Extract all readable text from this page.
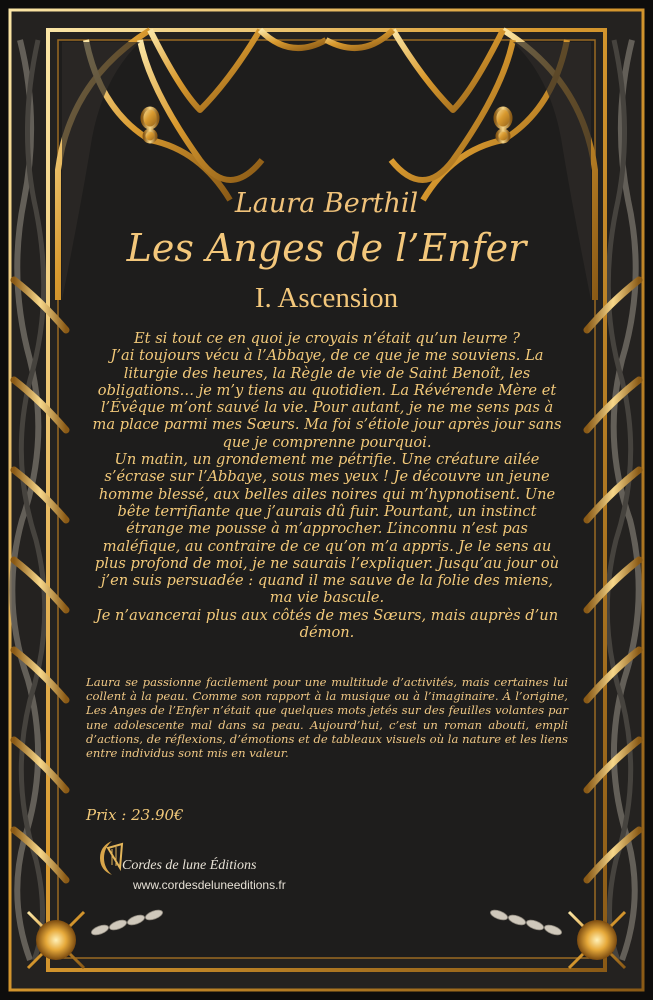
Laura Berthil
Les Anges de l’Enfer
I. Ascension

Et si tout ce en quoi je croyais n’était qu’un leurre ?

J’ai toujours vécu à l’Abbaye, de ce que je me souviens. La liturgie des heures, la Règle de vie de Saint Benoît, les obligations… je m’y tiens au quotidien. La Révérende Mère et l’Évêque m’ont sauvé la vie. Pour autant, je ne me sens pas à ma place parmi mes Sœurs. Ma foi s’étiole jour après jour sans que je comprenne pourquoi.

Un matin, un grondement me pétrifie. Une créature ailée s’écrase sur l’Abbaye, sous mes yeux ! Je découvre un jeune homme blessé, aux belles ailes noires qui m’hypnotisent. Une bête terrifiante que j’aurais dû fuir. Pourtant, un instinct étrange me pousse à m’approcher. L’inconnu n’est pas maléfique, au contraire de ce qu’on m’a appris. Je le sens au plus profond de moi, je ne saurais l’expliquer. Jusqu’au jour où j’en suis persuadée : quand il me sauve de la folie des miens, ma vie bascule.

Je n’avancerai plus aux côtés de mes Sœurs, mais auprès d’un démon.

Laura se passionne facilement pour une multitude d’activités, mais certaines lui collent à la peau. Comme son rapport à la musique ou à l’imaginaire. À l’origine, Les Anges de l’Enfer n’était que quelques mots jetés sur des feuilles volantes par une adolescente mal dans sa peau. Aujourd’hui, c’est un roman abouti, empli d’actions, de réflexions, d’émotions et de tableaux visuels où la nature et les liens entre individus sont mis en valeur.
Prix : 23.90€
Cordes de lune Éditions
www.cordesdeluneeditions.fr
